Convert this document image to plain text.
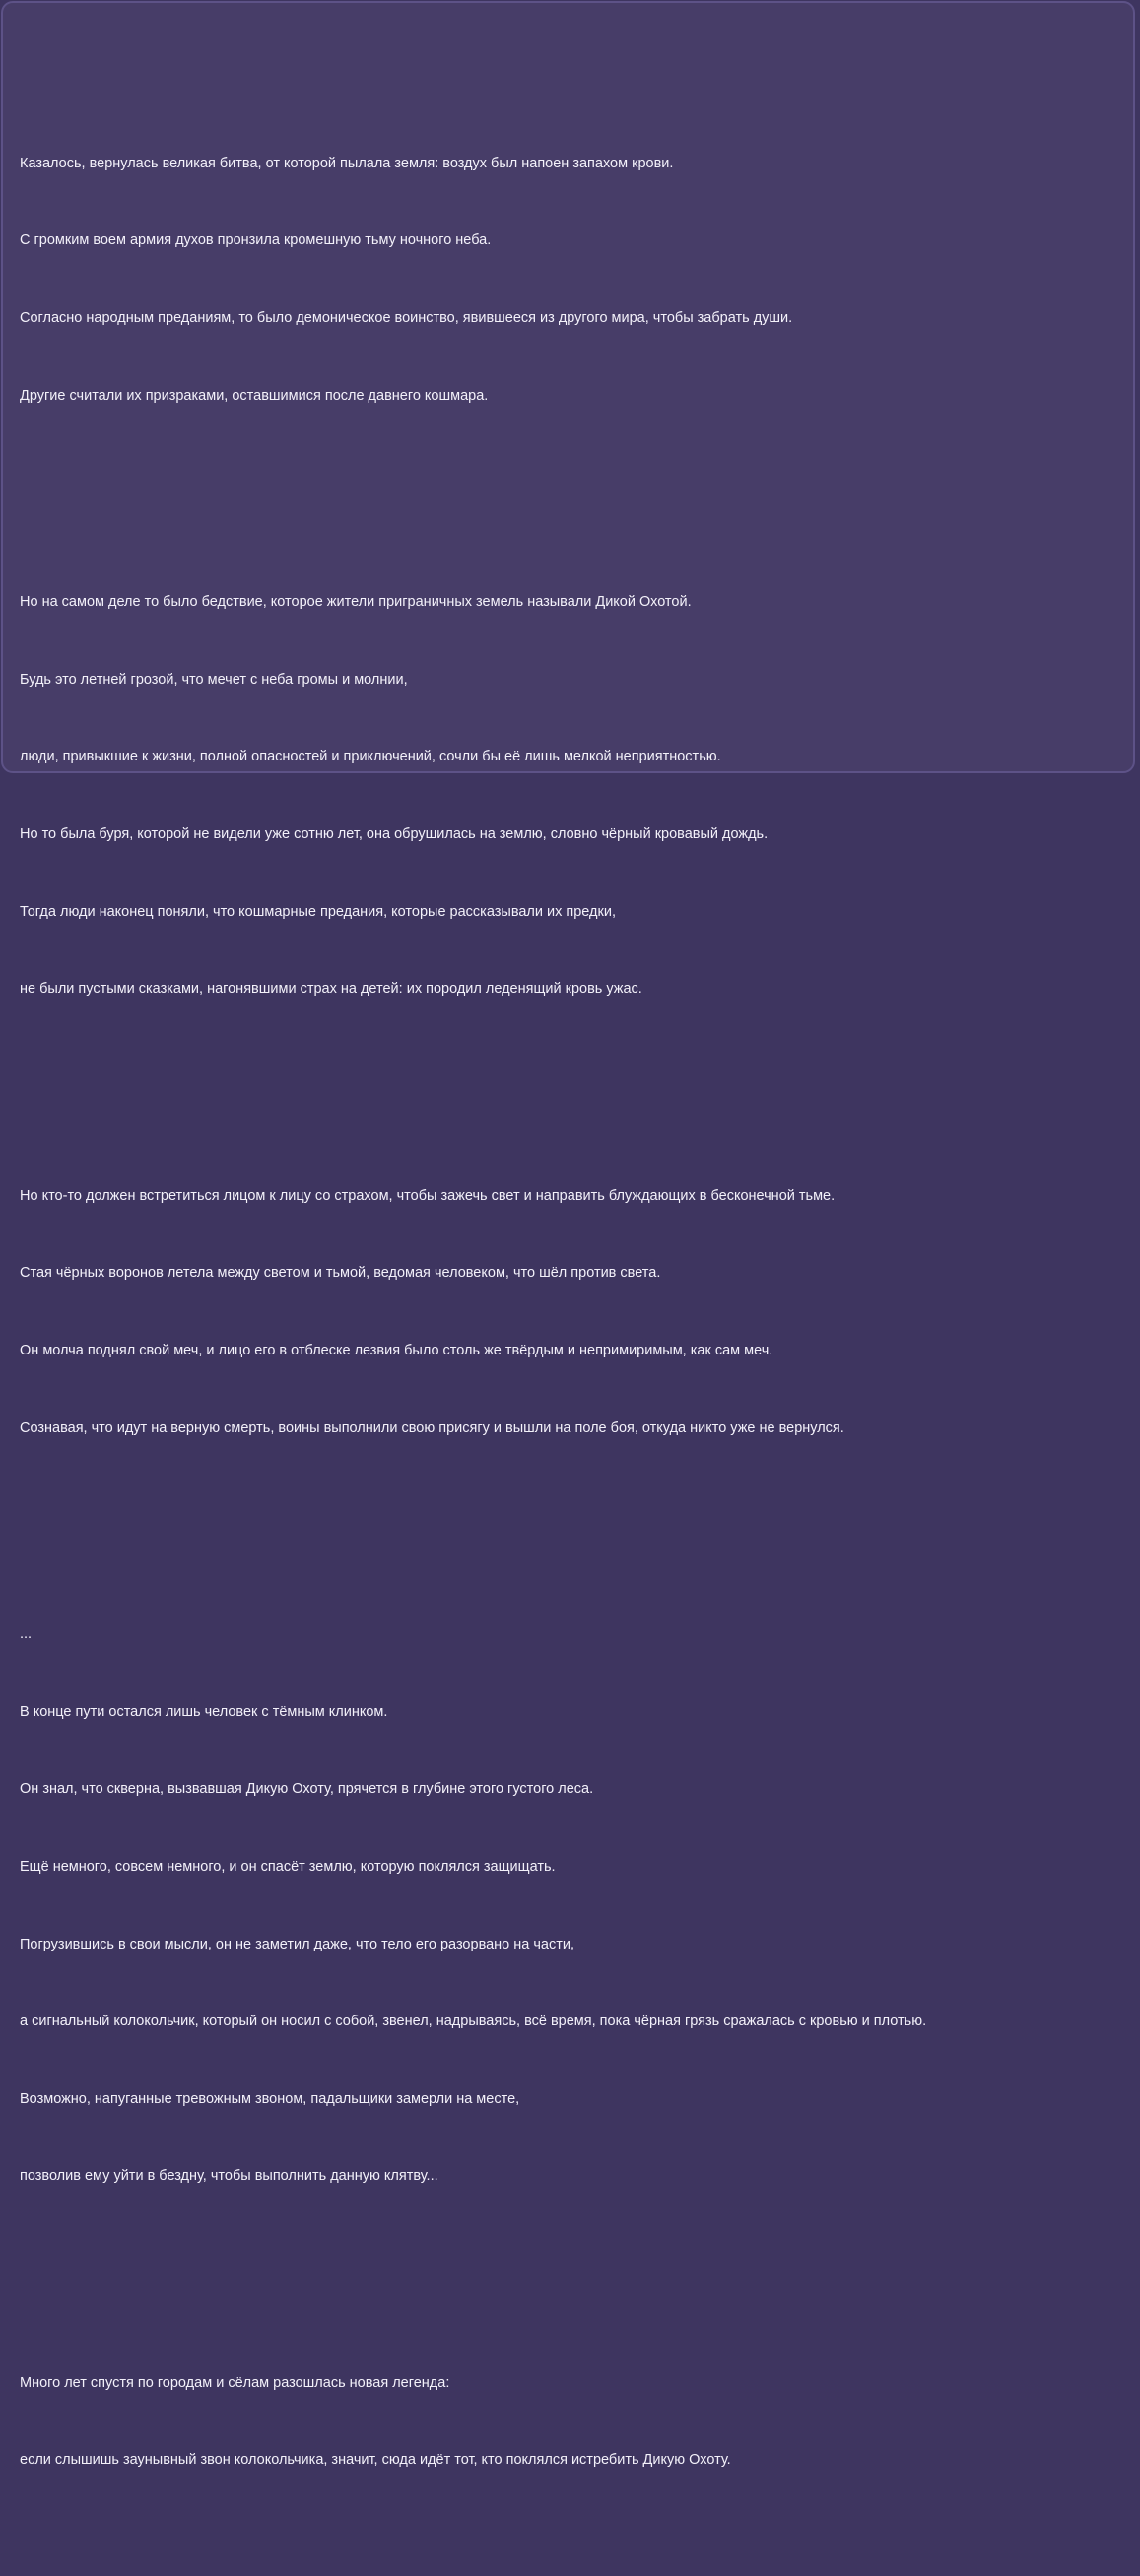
Казалось, вернулась великая битва, от которой пылала земля: воздух был напоен запахом крови.

С громким воем армия духов пронзила кромешную тьму ночного неба.

Согласно народным преданиям, то было демоническое воинство, явившееся из другого мира, чтобы забрать души.

Другие считали их призраками, оставшимися после давнего кошмара.

Но на самом деле то было бедствие, которое жители приграничных земель называли Дикой Охотой.

Будь это летней грозой, что мечет с неба громы и молнии,

люди, привыкшие к жизни, полной опасностей и приключений, сочли бы её лишь мелкой неприятностью.

Но то была буря, которой не видели уже сотню лет, она обрушилась на землю, словно чёрный кровавый дождь.

Тогда люди наконец поняли, что кошмарные предания, которые рассказывали их предки,

не были пустыми сказками, нагонявшими страх на детей: их породил леденящий кровь ужас.

Но кто-то должен встретиться лицом к лицу со страхом, чтобы зажечь свет и направить блуждающих в бесконечной тьме.

Стая чёрных воронов летела между светом и тьмой, ведомая человеком, что шёл против света.

Он молча поднял свой меч, и лицо его в отблеске лезвия было столь же твёрдым и непримиримым, как сам меч.

Сознавая, что идут на верную смерть, воины выполнили свою присягу и вышли на поле боя, откуда никто уже не вернулся.

...

В конце пути остался лишь человек с тёмным клинком.

Он знал, что скверна, вызвавшая Дикую Охоту, прячется в глубине этого густого леса.

Ещё немного, совсем немного, и он спасёт землю, которую поклялся защищать.

Погрузившись в свои мысли, он не заметил даже, что тело его разорвано на части,

а сигнальный колокольчик, который он носил с собой, звенел, надрываясь, всё время, пока чёрная грязь сражалась с кровью и плотью.

Возможно, напуганные тревожным звоном, падальщики замерли на месте,

позволив ему уйти в бездну, чтобы выполнить данную клятву...

Много лет спустя по городам и сёлам разошлась новая легенда:

если слышишь заунывный звон колокольчика, значит, сюда идёт тот, кто поклялся истребить Дикую Охоту.
